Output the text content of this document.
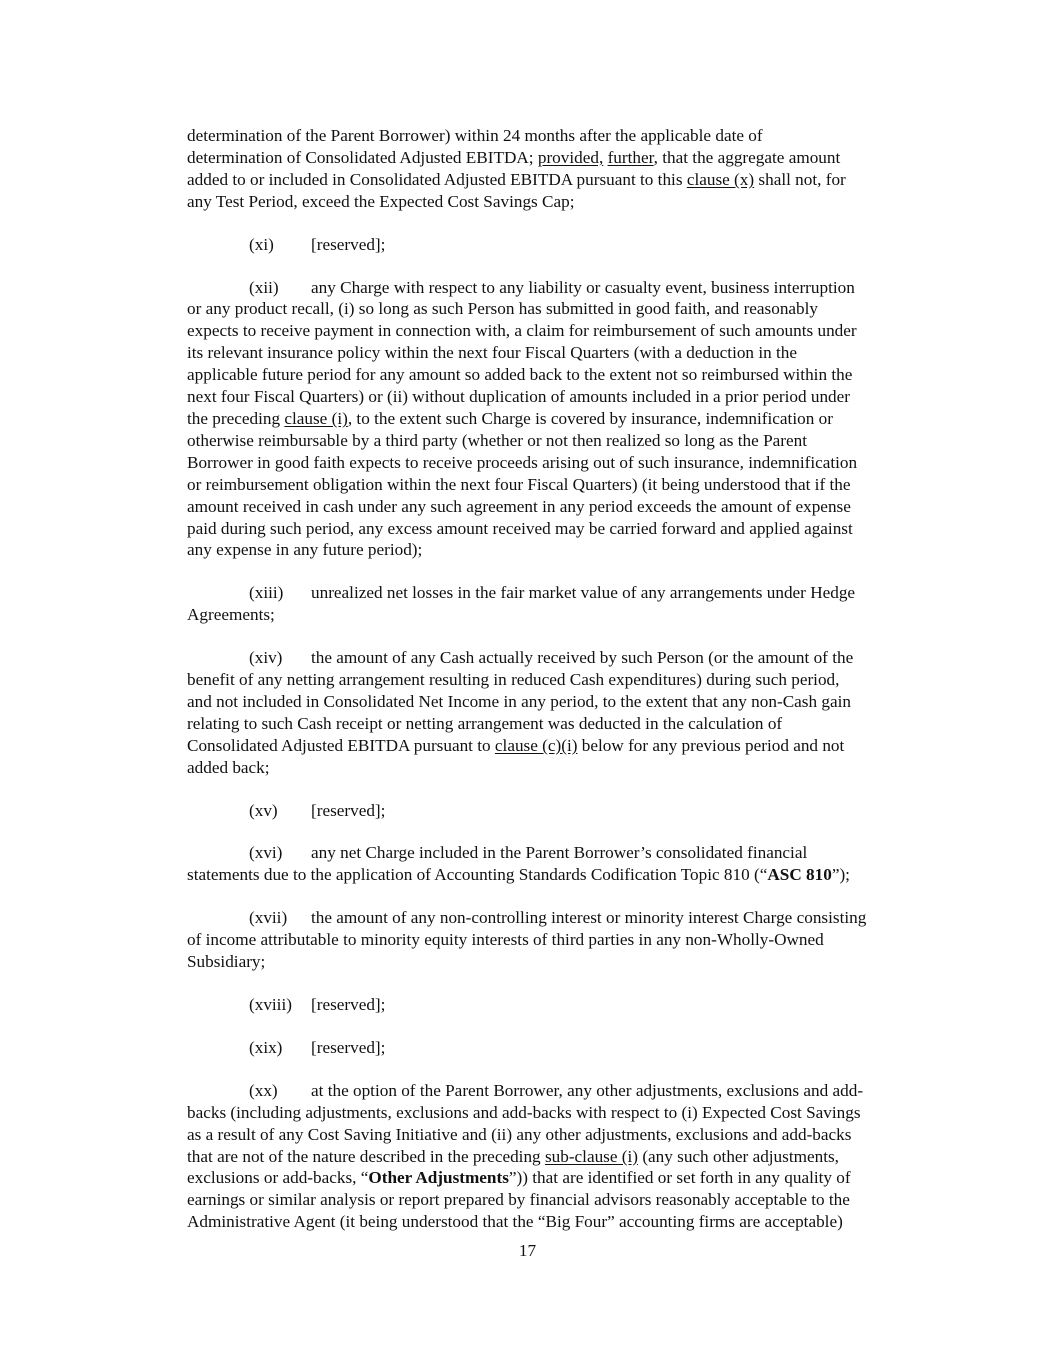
determination of the Parent Borrower) within 24 months after the applicable date of
determination of Consolidated Adjusted EBITDA; provided, further, that the aggregate amount
added to or included in Consolidated Adjusted EBITDA pursuant to this clause (x) shall not, for
any Test Period, exceed the Expected Cost Savings Cap;
(xi) [reserved];
(xii) any Charge with respect to any liability or casualty event, business interruption
or any product recall, (i) so long as such Person has submitted in good faith, and reasonably
expects to receive payment in connection with, a claim for reimbursement of such amounts under
its relevant insurance policy within the next four Fiscal Quarters (with a deduction in the
applicable future period for any amount so added back to the extent not so reimbursed within the
next four Fiscal Quarters) or (ii) without duplication of amounts included in a prior period under
the preceding clause (i), to the extent such Charge is covered by insurance, indemnification or
otherwise reimbursable by a third party (whether or not then realized so long as the Parent
Borrower in good faith expects to receive proceeds arising out of such insurance, indemnification
or reimbursement obligation within the next four Fiscal Quarters) (it being understood that if the
amount received in cash under any such agreement in any period exceeds the amount of expense
paid during such period, any excess amount received may be carried forward and applied against
any expense in any future period);
(xiii) unrealized net losses in the fair market value of any arrangements under Hedge
Agreements;
(xiv) the amount of any Cash actually received by such Person (or the amount of the
benefit of any netting arrangement resulting in reduced Cash expenditures) during such period,
and not included in Consolidated Net Income in any period, to the extent that any non-Cash gain
relating to such Cash receipt or netting arrangement was deducted in the calculation of
Consolidated Adjusted EBITDA pursuant to clause (c)(i) below for any previous period and not
added back;
(xv) [reserved];
(xvi) any net Charge included in the Parent Borrower’s consolidated financial
statements due to the application of Accounting Standards Codification Topic 810 (“ASC 810”);
(xvii) the amount of any non-controlling interest or minority interest Charge consisting
of income attributable to minority equity interests of third parties in any non-Wholly-Owned
Subsidiary;
(xviii) [reserved];
(xix) [reserved];
(xx) at the option of the Parent Borrower, any other adjustments, exclusions and add-
backs (including adjustments, exclusions and add-backs with respect to (i) Expected Cost Savings
as a result of any Cost Saving Initiative and (ii) any other adjustments, exclusions and add-backs
that are not of the nature described in the preceding sub-clause (i) (any such other adjustments,
exclusions or add-backs, “Other Adjustments”)) that are identified or set forth in any quality of
earnings or similar analysis or report prepared by financial advisors reasonably acceptable to the
Administrative Agent (it being understood that the “Big Four” accounting firms are acceptable)
17
